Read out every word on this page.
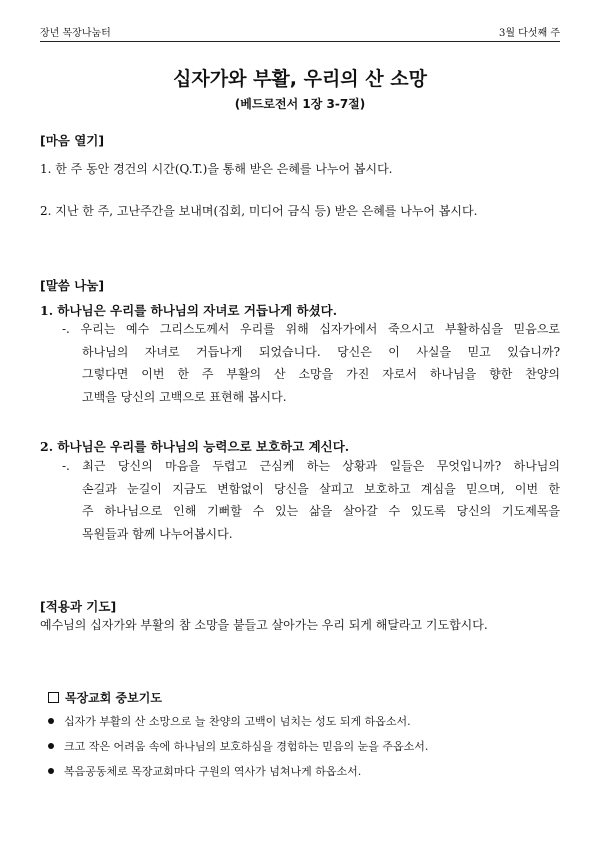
장년 목장나눔터	3월 다섯째 주
십자가와 부활, 우리의 산 소망
(베드로전서 1장 3-7절)
[마음 열기]
1. 한 주 동안 경건의 시간(Q.T.)을 통해 받은 은혜를 나누어 봅시다.
2. 지난 한 주, 고난주간을 보내며(집회, 미디어 금식 등) 받은 은혜를 나누어 봅시다.
[말씀 나눔]
1. 하나님은 우리를 하나님의 자녀로 거듭나게 하셨다.
-. 우리는 예수 그리스도께서 우리를 위해 십자가에서 죽으시고 부활하심을 믿음으로
하나님의 자녀로 거듭나게 되었습니다. 당신은 이 사실을 믿고 있습니까?
그렇다면 이번 한 주 부활의 산 소망을 가진 자로서 하나님을 향한 찬양의
고백을 당신의 고백으로 표현해 봅시다.
2. 하나님은 우리를 하나님의 능력으로 보호하고 계신다.
-. 최근 당신의 마음을 두렵고 근심케 하는 상황과 일들은 무엇입니까? 하나님의
손길과 눈길이 지금도 변함없이 당신을 살피고 보호하고 계심을 믿으며, 이번 한
주 하나님으로 인해 기뻐할 수 있는 삶을 살아갈 수 있도록 당신의 기도제목을
목원들과 함께 나누어봅시다.
[적용과 기도]
예수님의 십자가와 부활의 참 소망을 붙들고 살아가는 우리 되게 해달라고 기도합시다.
목장교회 중보기도
십자가 부활의 산 소망으로 늘 찬양의 고백이 넘치는 성도 되게 하옵소서.
크고 작은 어려움 속에 하나님의 보호하심을 경험하는 믿음의 눈을 주옵소서.
복음공동체로 목장교회마다 구원의 역사가 넘쳐나게 하옵소서.
